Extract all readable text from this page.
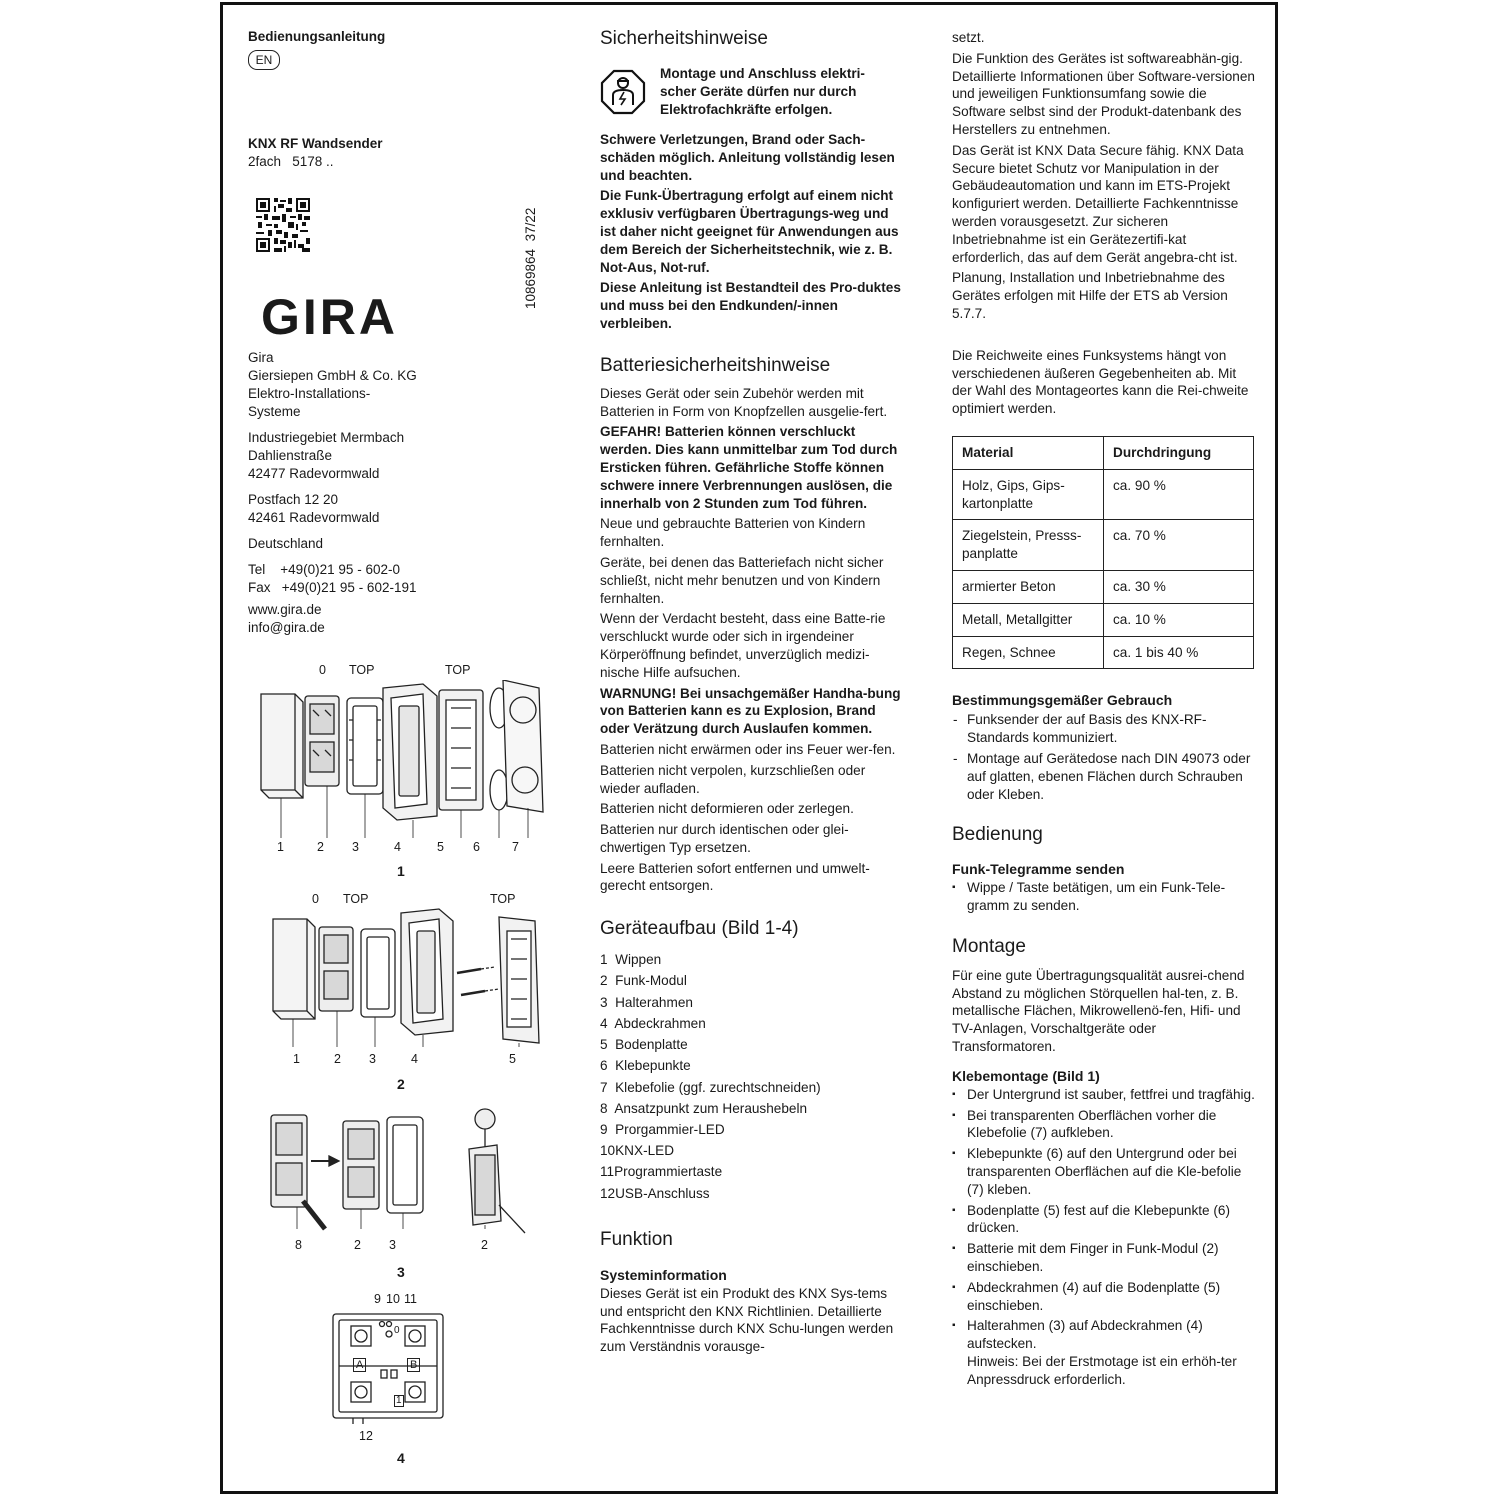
Bedienungsanleitung
EN
KNX RF Wandsender
2fach   5178 ..
10869864  37/22
GIRA
Gira
Giersiepen GmbH & Co. KG
Elektro-Installations-
Systeme
Industriegebiet Mermbach
Dahlienstraße
42477 Radevormwald
Postfach 12 20
42461 Radevormwald
Deutschland
Tel    +49(0)21 95 - 602-0
Fax   +49(0)21 95 - 602-191
www.gira.de
info@gira.de
0 TOP	TOP
1	2 3	4	5 6	7
1
0 TOP	TOP
1	2 3	4	5
2
8	2 3	2
3
9 10 11
A	B
0
1
12
4
Sicherheitshinweise
Montage und Anschluss elektri-
scher Geräte dürfen nur durch
Elektrofachkräfte erfolgen.

Schwere Verletzungen, Brand oder Sach-schäden möglich. Anleitung vollständig lesen und beachten.

Die Funk-Übertragung erfolgt auf einem nicht exklusiv verfügbaren Übertragungs-weg und ist daher nicht geeignet für Anwendungen aus dem Bereich der Sicherheitstechnik, wie z. B. Not-Aus, Not-ruf.

Diese Anleitung ist Bestandteil des Pro-duktes und muss bei den Endkunden/-innen verbleiben.

Batteriesicherheitshinweise

Dieses Gerät oder sein Zubehör werden mit Batterien in Form von Knopfzellen ausgelie-fert.

GEFAHR! Batterien können verschluckt werden. Dies kann unmittelbar zum Tod durch Ersticken führen. Gefährliche Stoffe können schwere innere Verbrennungen auslösen, die innerhalb von 2 Stunden zum Tod führen.

Neue und gebrauchte Batterien von Kindern fernhalten.

Geräte, bei denen das Batteriefach nicht sicher schließt, nicht mehr benutzen und von Kindern fernhalten.

Wenn der Verdacht besteht, dass eine Batte-rie verschluckt wurde oder sich in irgendeiner Körperöffnung befindet, unverzüglich medizi-nische Hilfe aufsuchen.

WARNUNG! Bei unsachgemäßer Handha-bung von Batterien kann es zu Explosion, Brand oder Verätzung durch Auslaufen kommen.

Batterien nicht erwärmen oder ins Feuer wer-fen.

Batterien nicht verpolen, kurzschließen oder wieder aufladen.

Batterien nicht deformieren oder zerlegen.

Batterien nur durch identischen oder glei-chwertigen Typ ersetzen.

Leere Batterien sofort entfernen und umwelt-gerecht entsorgen.

Geräteaufbau (Bild 1-4)
1  Wippen
2  Funk-Modul
3  Halterahmen
4  Abdeckrahmen
5  Bodenplatte
6  Klebepunkte
7  Klebefolie (ggf. zurechtschneiden)
8  Ansatzpunkt zum Heraushebeln
9  Prorgammier-LED
10KNX-LED
11Programmiertaste
12USB-Anschluss
Funktion
Systeminformation

Dieses Gerät ist ein Produkt des KNX Sys-tems und entspricht den KNX Richtlinien. Detaillierte Fachkenntnisse durch KNX Schu-lungen werden zum Verständnis vorausge-

setzt.

Die Funktion des Gerätes ist softwareabhän-gig. Detaillierte Informationen über Software-versionen und jeweiligen Funktionsumfang sowie die Software selbst sind der Produkt-datenbank des Herstellers zu entnehmen.

Das Gerät ist KNX Data Secure fähig. KNX Data Secure bietet Schutz vor Manipulation in der Gebäudeautomation und kann im ETS-Projekt konfiguriert werden. Detaillierte Fachkenntnisse werden vorausgesetzt. Zur sicheren Inbetriebnahme ist ein Gerätezertifi-kat erforderlich, das auf dem Gerät angebra-cht ist.

Planung, Installation und Inbetriebnahme des Gerätes erfolgen mit Hilfe der ETS ab Version 5.7.7.

Die Reichweite eines Funksystems hängt von verschiedenen äußeren Gegebenheiten ab. Mit der Wahl des Montageortes kann die Rei-chweite optimiert werden.

Material	Durchdringung
Holz, Gips, Gips-kartonplatte	ca. 90 %
Ziegelstein, Presss-panplatte	ca. 70 %
armierter Beton	ca. 30 %
Metall, Metallgitter	ca. 10 %
Regen, Schnee	ca. 1 bis 40 %
Bestimmungsgemäßer Gebrauch
- Funksender der auf Basis des KNX-RF-Standards kommuniziert.
- Montage auf Gerätedose nach DIN 49073 oder auf glatten, ebenen Flächen durch Schrauben oder Kleben.
Bedienung
Funk-Telegramme senden
▪ Wippe / Taste betätigen, um ein Funk-Tele-gramm zu senden.
Montage

Für eine gute Übertragungsqualität ausrei-chend Abstand zu möglichen Störquellen hal-ten, z. B. metallische Flächen, Mikrowellenö-fen, Hifi- und TV-Anlagen, Vorschaltgeräte oder Transformatoren.

Klebemontage (Bild 1)
▪ Der Untergrund ist sauber, fettfrei und tragfähig.
▪ Bei transparenten Oberflächen vorher die Klebefolie (7) aufkleben.
▪ Klebepunkte (6) auf den Untergrund oder bei transparenten Oberflächen auf die Kle-befolie (7) kleben.
▪ Bodenplatte (5) fest auf die Klebepunkte (6) drücken.
▪ Batterie mit dem Finger in Funk-Modul (2) einschieben.
▪ Abdeckrahmen (4) auf die Bodenplatte (5) einschieben.
▪ Halterahmen (3) auf Abdeckrahmen (4) aufstecken.
Hinweis: Bei der Erstmotage ist ein erhöh-ter Anpressdruck erforderlich.
